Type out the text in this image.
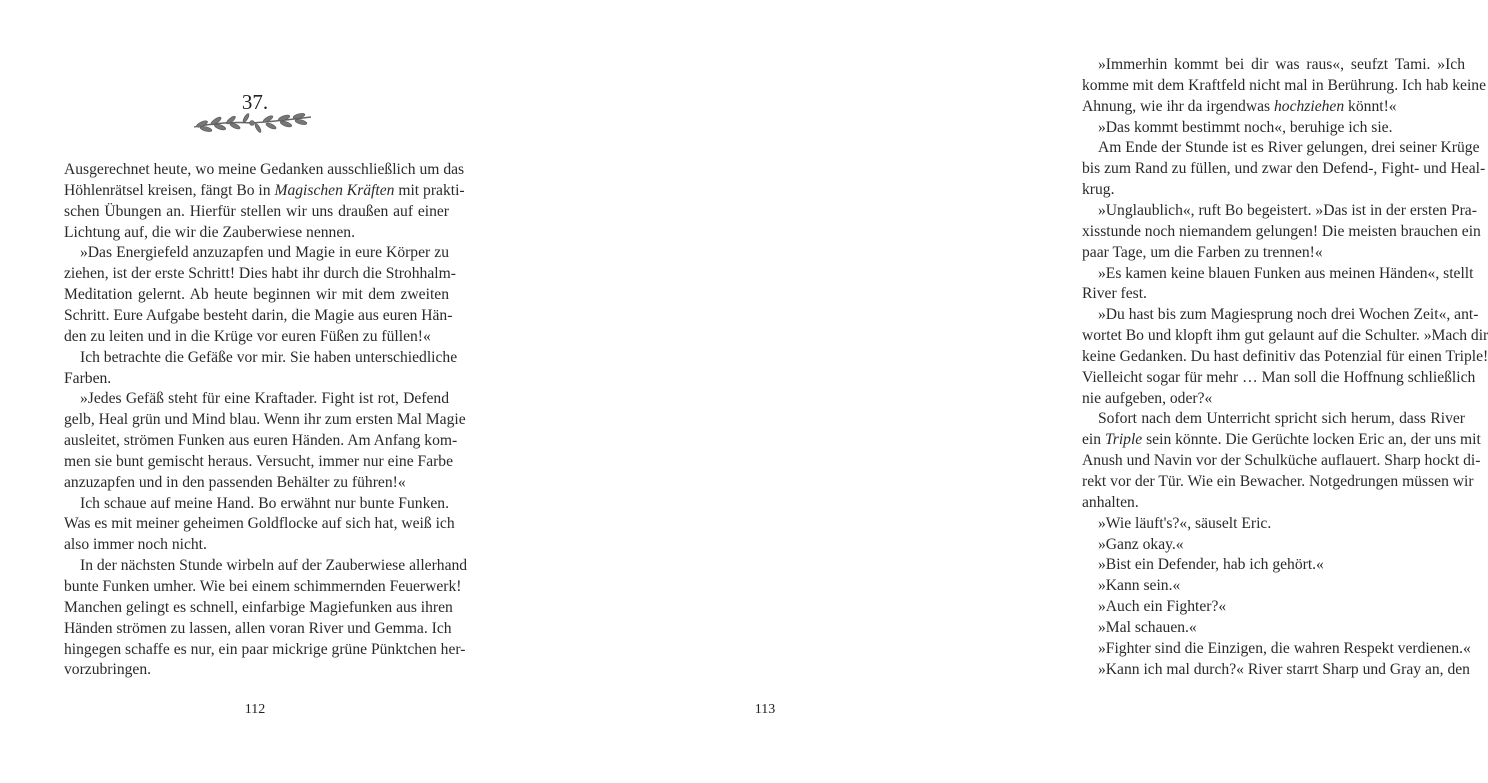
37.
Ausgerechnet heute, wo meine Gedanken ausschließlich um das
Höhlenrätsel kreisen, fängt Bo in Magischen Kräften mit prakti-
schen Übungen an. Hierfür stellen wir uns draußen auf einer
Lichtung auf, die wir die Zauberwiese nennen.
»Das Energiefeld anzuzapfen und Magie in eure Körper zu
ziehen, ist der erste Schritt! Dies habt ihr durch die Strohhalm-
Meditation gelernt. Ab heute beginnen wir mit dem zweiten
Schritt. Eure Aufgabe besteht darin, die Magie aus euren Hän-
den zu leiten und in die Krüge vor euren Füßen zu füllen!«
Ich betrachte die Gefäße vor mir. Sie haben unterschiedliche
Farben.
»Jedes Gefäß steht für eine Kraftader. Fight ist rot, Defend
gelb, Heal grün und Mind blau. Wenn ihr zum ersten Mal Magie
ausleitet, strömen Funken aus euren Händen. Am Anfang kom-
men sie bunt gemischt heraus. Versucht, immer nur eine Farbe
anzuzapfen und in den passenden Behälter zu führen!«
Ich schaue auf meine Hand. Bo erwähnt nur bunte Funken.
Was es mit meiner geheimen Goldflocke auf sich hat, weiß ich
also immer noch nicht.
In der nächsten Stunde wirbeln auf der Zauberwiese allerhand
bunte Funken umher. Wie bei einem schimmernden Feuerwerk!
Manchen gelingt es schnell, einfarbige Magiefunken aus ihren
Händen strömen zu lassen, allen voran River und Gemma. Ich
hingegen schaffe es nur, ein paar mickrige grüne Pünktchen her-
vorzubringen.
112
»Immerhin kommt bei dir was raus«, seufzt Tami. »Ich
komme mit dem Kraftfeld nicht mal in Berührung. Ich hab keine
Ahnung, wie ihr da irgendwas hochziehen könnt!«
»Das kommt bestimmt noch«, beruhige ich sie.
Am Ende der Stunde ist es River gelungen, drei seiner Krüge
bis zum Rand zu füllen, und zwar den Defend-, Fight- und Heal-
krug.
»Unglaublich«, ruft Bo begeistert. »Das ist in der ersten Pra-
xisstunde noch niemandem gelungen! Die meisten brauchen ein
paar Tage, um die Farben zu trennen!«
»Es kamen keine blauen Funken aus meinen Händen«, stellt
River fest.
»Du hast bis zum Magiesprung noch drei Wochen Zeit«, ant-
wortet Bo und klopft ihm gut gelaunt auf die Schulter. »Mach dir
keine Gedanken. Du hast definitiv das Potenzial für einen Triple!
Vielleicht sogar für mehr … Man soll die Hoffnung schließlich
nie aufgeben, oder?«
Sofort nach dem Unterricht spricht sich herum, dass River
ein Triple sein könnte. Die Gerüchte locken Eric an, der uns mit
Anush und Navin vor der Schulküche auflauert. Sharp hockt di-
rekt vor der Tür. Wie ein Bewacher. Notgedrungen müssen wir
anhalten.
»Wie läuft's?«, säuselt Eric.
»Ganz okay.«
»Bist ein Defender, hab ich gehört.«
»Kann sein.«
»Auch ein Fighter?«
»Mal schauen.«
»Fighter sind die Einzigen, die wahren Respekt verdienen.«
»Kann ich mal durch?« River starrt Sharp und Gray an, den
113
